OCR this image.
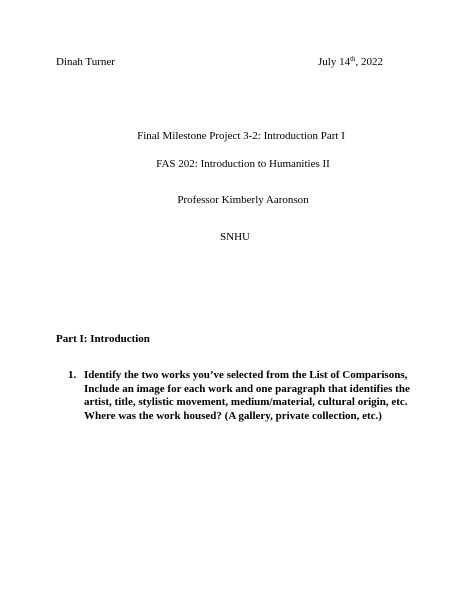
Dinah Turner	July 14th, 2022
Final Milestone Project 3-2: Introduction Part I
FAS 202: Introduction to Humanities II
Professor Kimberly Aaronson
SNHU
Part I: Introduction
1. Identify the two works you’ve selected from the List of Comparisons, Include an image for each work and one paragraph that identifies the artist, title, stylistic movement, medium/material, cultural origin, etc. Where was the work housed? (A gallery, private collection, etc.)
